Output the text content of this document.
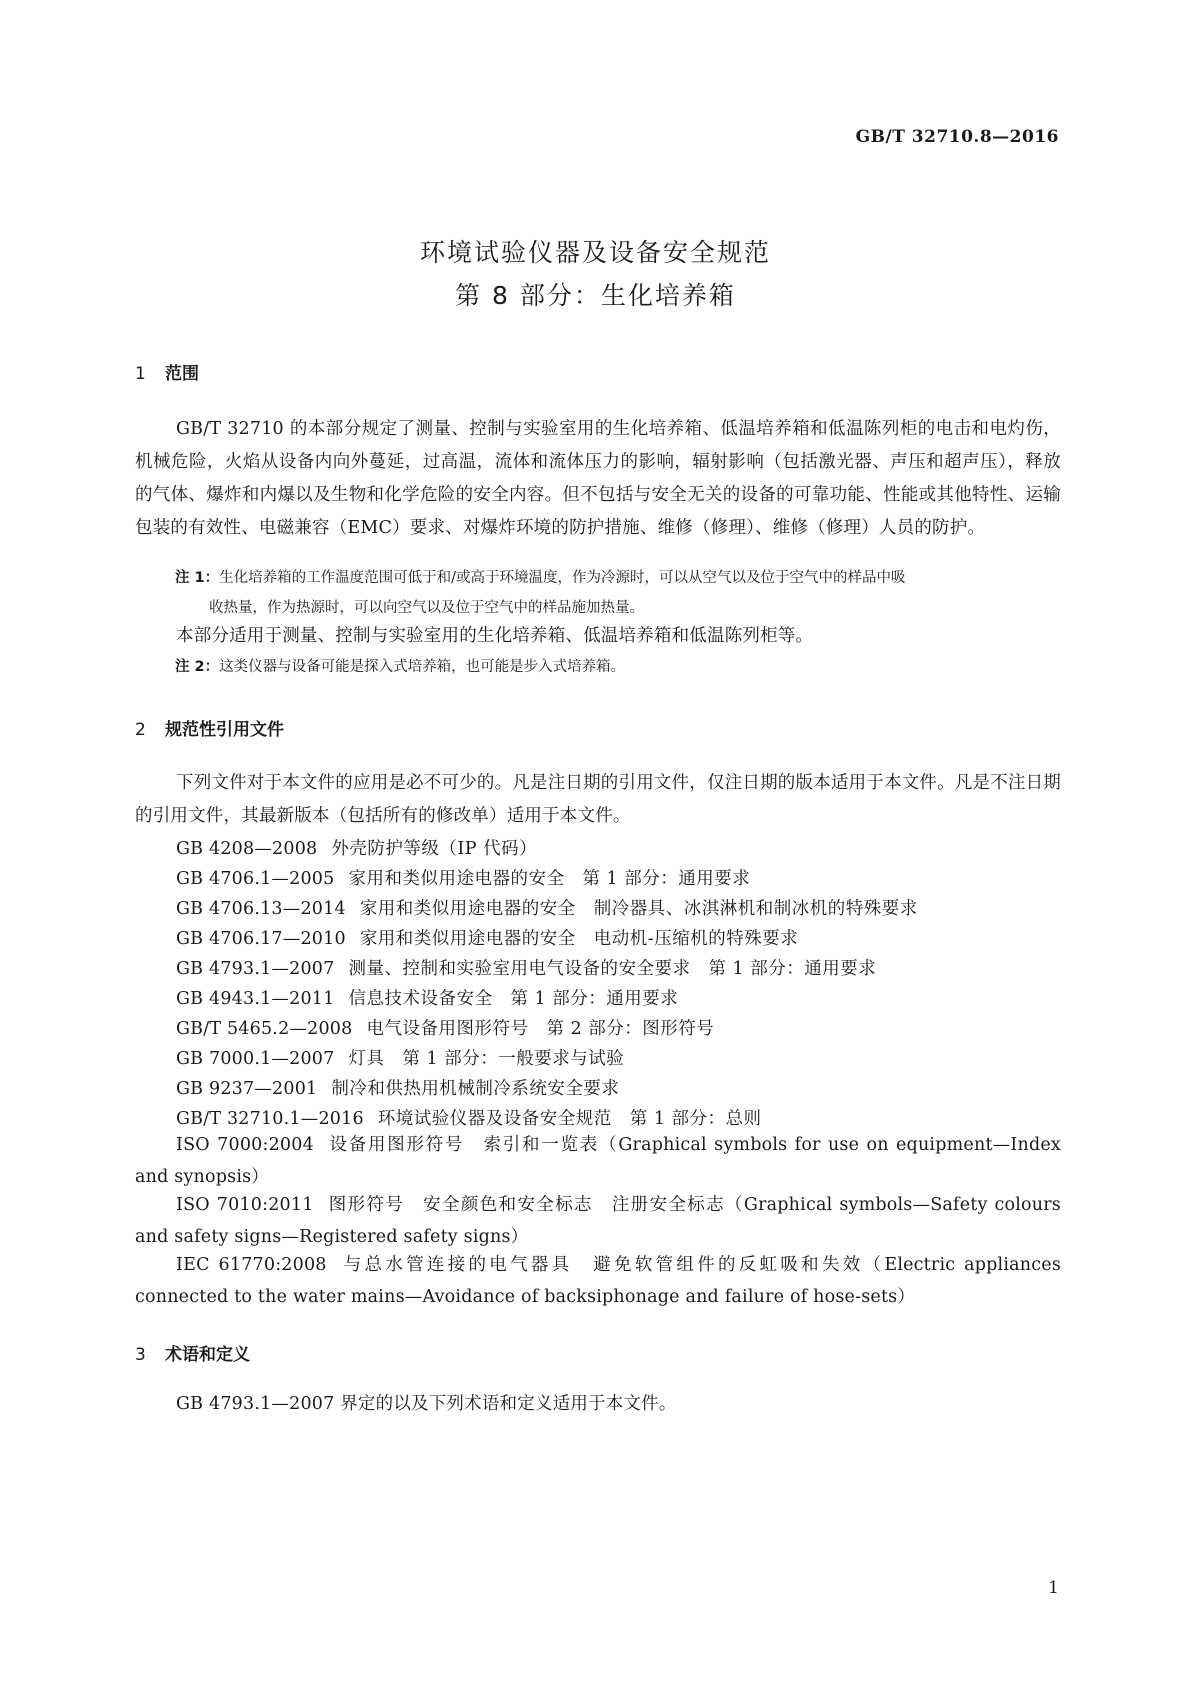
GB/T 32710.8—2016
环境试验仪器及设备安全规范
第 8 部分：生化培养箱
1 范围
GB/T 32710 的本部分规定了测量、控制与实验室用的生化培养箱、低温培养箱和低温陈列柜的电击和电灼伤，机械危险，火焰从设备内向外蔓延，过高温，流体和流体压力的影响，辐射影响（包括激光器、声压和超声压），释放的气体、爆炸和内爆以及生物和化学危险的安全内容。但不包括与安全无关的设备的可靠功能、性能或其他特性、运输包装的有效性、电磁兼容（EMC）要求、对爆炸环境的防护措施、维修（修理）、维修（修理）人员的防护。
注 1：生化培养箱的工作温度范围可低于和/或高于环境温度，作为冷源时，可以从空气以及位于空气中的样品中吸
收热量，作为热源时，可以向空气以及位于空气中的样品施加热量。
本部分适用于测量、控制与实验室用的生化培养箱、低温培养箱和低温陈列柜等。
注 2：这类仪器与设备可能是探入式培养箱，也可能是步入式培养箱。
2 规范性引用文件
下列文件对于本文件的应用是必不可少的。凡是注日期的引用文件，仅注日期的版本适用于本文件。凡是不注日期的引用文件，其最新版本（包括所有的修改单）适用于本文件。
GB 4208—2008 外壳防护等级（IP 代码）
GB 4706.1—2005 家用和类似用途电器的安全　第 1 部分：通用要求
GB 4706.13—2014 家用和类似用途电器的安全　制冷器具、冰淇淋机和制冰机的特殊要求
GB 4706.17—2010 家用和类似用途电器的安全　电动机-压缩机的特殊要求
GB 4793.1—2007 测量、控制和实验室用电气设备的安全要求　第 1 部分：通用要求
GB 4943.1—2011 信息技术设备安全　第 1 部分：通用要求
GB/T 5465.2—2008 电气设备用图形符号　第 2 部分：图形符号
GB 7000.1—2007 灯具　第 1 部分：一般要求与试验
GB 9237—2001 制冷和供热用机械制冷系统安全要求
GB/T 32710.1—2016 环境试验仪器及设备安全规范　第 1 部分：总则
ISO 7000:2004 设备用图形符号　索引和一览表（Graphical symbols for use on equipment—Index and synopsis）
ISO 7010:2011 图形符号　安全颜色和安全标志　注册安全标志（Graphical symbols—Safety colours and safety signs—Registered safety signs）
IEC 61770:2008 与总水管连接的电气器具　避免软管组件的反虹吸和失效（Electric appliances connected to the water mains—Avoidance of backsiphonage and failure of hose-sets）
3 术语和定义
GB 4793.1—2007 界定的以及下列术语和定义适用于本文件。
1
